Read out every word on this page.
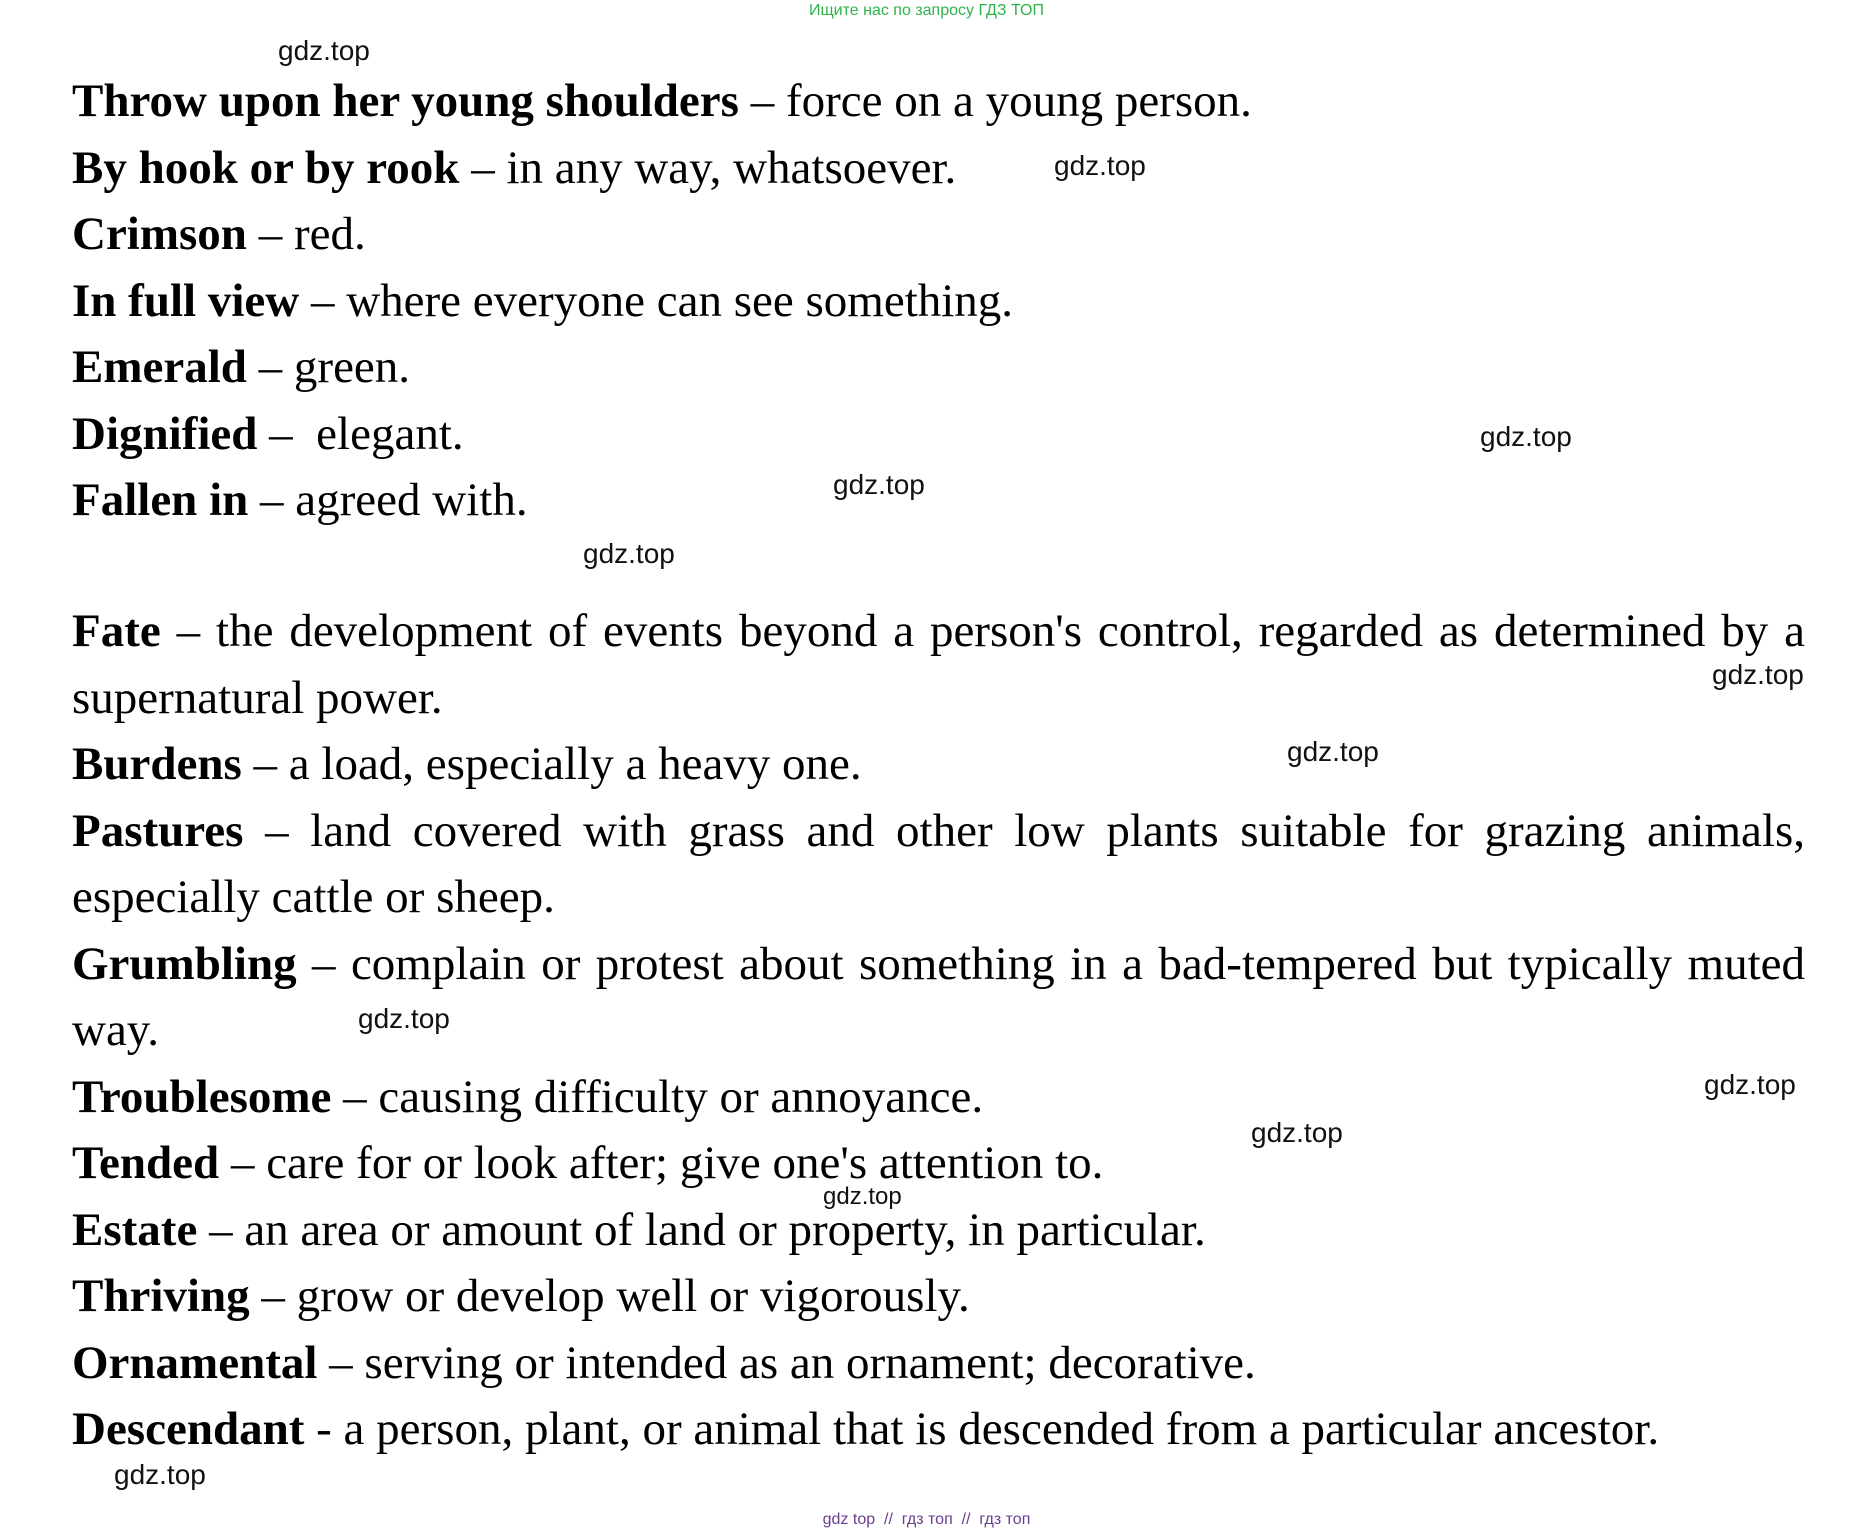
Ищите нас по запросу ГДЗ ТОП
gdz.top
gdz.top
gdz.top
gdz.top
gdz.top
gdz.top
gdz.top
gdz.top
gdz.top
gdz.top
gdz.top
gdz.top

Throw upon her young shoulders – force on a young person.

By hook or by rook – in any way, whatsoever.

Crimson – red.

In full view – where everyone can see something.

Emerald – green.

Dignified –  elegant.

Fallen in – agreed with.

Fate – the development of events beyond a person's control, regarded as determined by a supernatural power.

Burdens – a load, especially a heavy one.

Pastures – land covered with grass and other low plants suitable for grazing animals, especially cattle or sheep.

Grumbling – complain or protest about something in a bad-tempered but typically muted way.

Troublesome – causing difficulty or annoyance.

Tended – care for or look after; give one's attention to.

Estate – an area or amount of land or property, in particular.

Thriving – grow or develop well or vigorously.

Ornamental – serving or intended as an ornament; decorative.

Descendant - a person, plant, or animal that is descended from a particular ancestor.

gdz top  //  гдз топ  //  гдз топ
